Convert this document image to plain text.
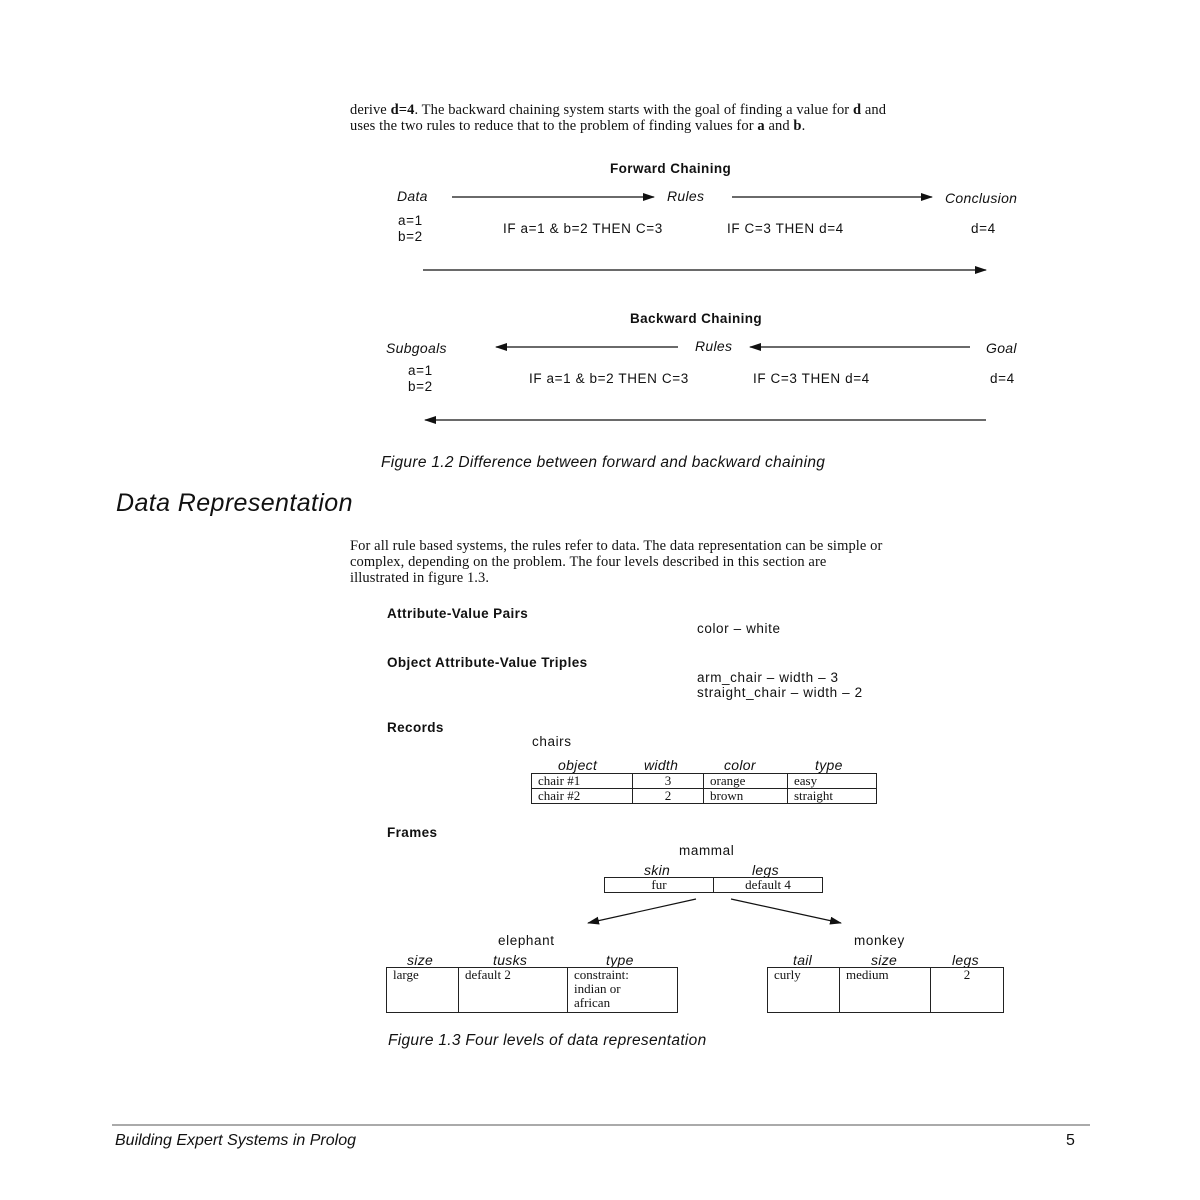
derive d=4. The backward chaining system starts with the goal of finding a value for d and
uses the two rules to reduce that to the problem of finding values for a and b.
Forward Chaining
Data	Rules	Conclusion
a=1
b=2
IF a=1 & b=2 THEN C=3	IF C=3 THEN d=4	d=4
Backward Chaining
Subgoals	Rules	Goal
a=1
b=2
IF a=1 & b=2 THEN C=3	IF C=3 THEN d=4	d=4
Figure 1.2 Difference between forward and backward chaining
Data Representation
For all rule based systems, the rules refer to data. The data representation can be simple or
complex, depending on the problem. The four levels described in this section are
illustrated in figure 1.3.
Attribute-Value Pairs
color – white
Object Attribute-Value Triples
arm_chair – width – 3
straight_chair – width – 2
Records
chairs
object	width	color	type
chair #1	3	orange	easy
chair #2	2	brown	straight
Frames
mammal
skin	legs
fur	default 4
elephant
size	tusks	type
large	default 2	constraint:
indian or
african
monkey
tail	size	legs
curly	medium	2
Figure 1.3 Four levels of data representation
Building Expert Systems in Prolog	5
